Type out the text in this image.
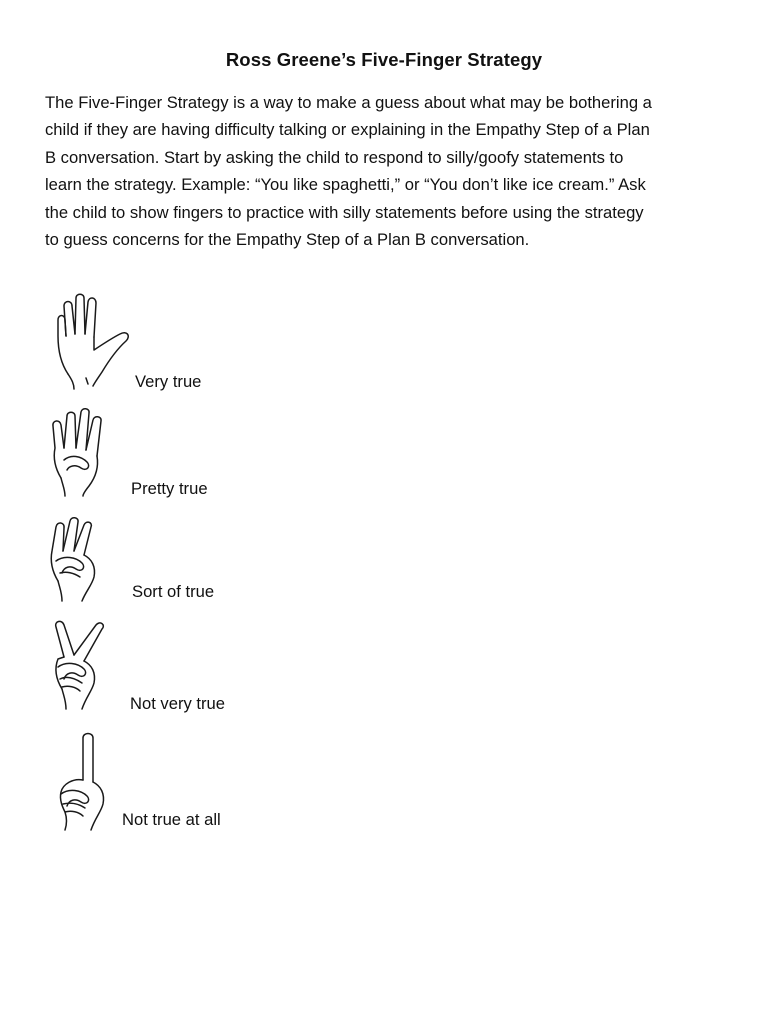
Ross Greene’s Five-Finger Strategy
The Five-Finger Strategy is a way to make a guess about what may be bothering a
child if they are having difficulty talking or explaining in the Empathy Step of a Plan
B conversation. Start by asking the child to respond to silly/goofy statements to
learn the strategy. Example: “You like spaghetti,” or “You don’t like ice cream.” Ask
the child to show fingers to practice with silly statements before using the strategy
to guess concerns for the Empathy Step of a Plan B conversation.
Very true
Pretty true
Sort of true
Not very true
Not true at all
